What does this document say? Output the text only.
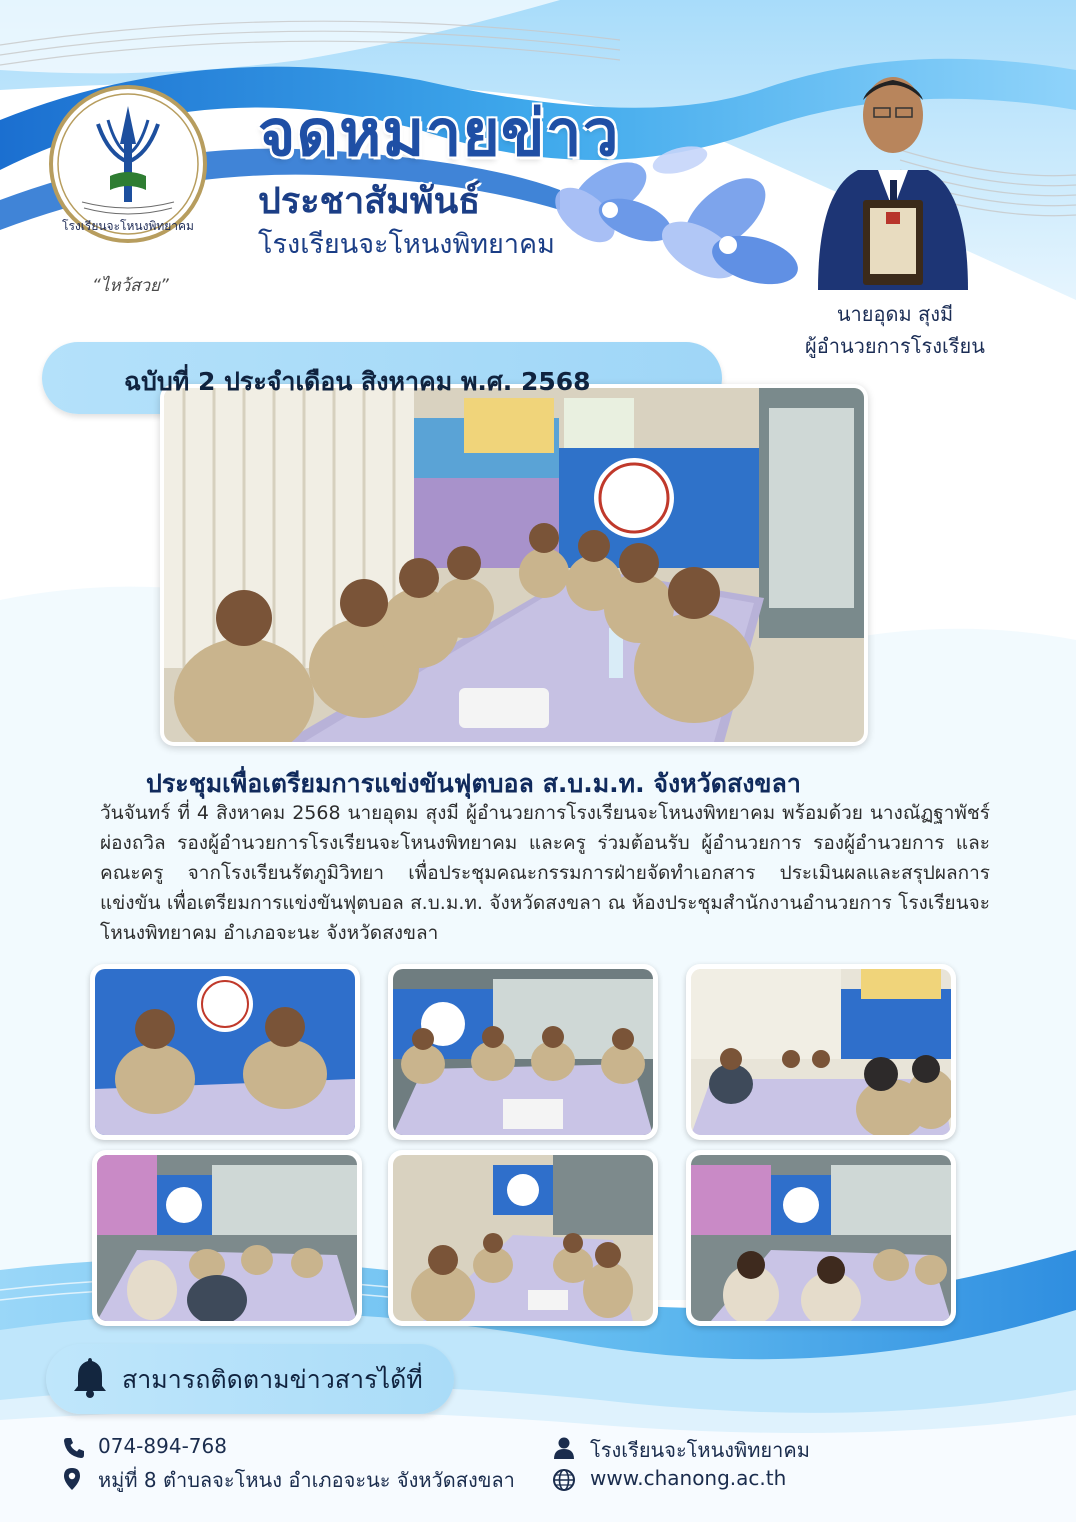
โรงเรียนจะโหนงพิทยาคม
“ไหว้สวย”
จดหมายข่าว
ประชาสัมพันธ์
โรงเรียนจะโหนงพิทยาคม
นายอุดม สุงมี
ผู้อำนวยการโรงเรียน
ฉบับที่ 2 ประจำเดือน สิงหาคม พ.ศ. 2568
ประชุมเพื่อเตรียมการแข่งขันฟุตบอล ส.บ.ม.ท. จังหวัดสงขลา
วันจันทร์ ที่ 4 สิงหาคม 2568 นายอุดม สุงมี ผู้อำนวยการโรงเรียนจะโหนงพิทยาคม พร้อมด้วย นางณัฏฐาพัชร์ ผ่องถวิล รองผู้อำนวยการโรงเรียนจะโหนงพิทยาคม และครู ร่วมต้อนรับ ผู้อำนวยการ รองผู้อำนวยการ และคณะครู จากโรงเรียนรัตภูมิวิทยา เพื่อประชุมคณะกรรมการฝ่ายจัดทำเอกสาร ประเมินผลและสรุปผลการแข่งขัน เพื่อเตรียมการแข่งขันฟุตบอล ส.บ.ม.ท. จังหวัดสงขลา ณ ห้องประชุมสำนักงานอำนวยการ โรงเรียนจะโหนงพิทยาคม อำเภอจะนะ จังหวัดสงขลา
สามารถติดตามข่าวสารได้ที่
074-894-768
หมู่ที่ 8 ตำบลจะโหนง อำเภอจะนะ จังหวัดสงขลา
โรงเรียนจะโหนงพิทยาคม
www.chanong.ac.th
